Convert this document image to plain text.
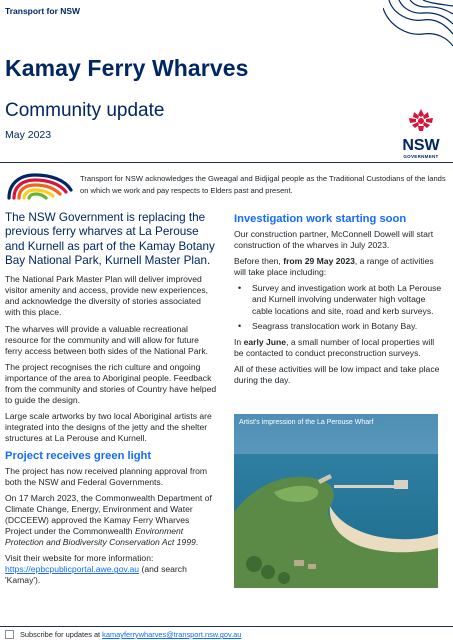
Transport for NSW
Kamay Ferry Wharves
Community update
May 2023
NSW
GOVERNMENT

Transport for NSW acknowledges the Gweagal and Bidjigal people as the Traditional Custodians of the lands on which we work and pay respects to Elders past and present.

The NSW Government is replacing the previous ferry wharves at La Perouse and Kurnell as part of the Kamay Botany Bay National Park, Kurnell Master Plan.

The National Park Master Plan will deliver improved visitor amenity and access, provide new experiences, and acknowledge the diversity of stories associated with this place.

The wharves will provide a valuable recreational resource for the community and will allow for future ferry access between both sides of the National Park.

The project recognises the rich culture and ongoing importance of the area to Aboriginal people. Feedback from the community and stories of Country have helped to guide the design.

Large scale artworks by two local Aboriginal artists are integrated into the designs of the jetty and the shelter structures at La Perouse and Kurnell.

Project receives green light

The project has now received planning approval from both the NSW and Federal Governments.

On 17 March 2023, the Commonwealth Department of Climate Change, Energy, Environment and Water (DCCEEW) approved the Kamay Ferry Wharves Project under the Commonwealth Environment Protection and Biodiversity Conservation Act 1999.

Visit their website for more information: https://epbcpublicportal.awe.gov.au (and search 'Kamay').

Investigation work starting soon

Our construction partner, McConnell Dowell will start construction of the wharves in July 2023.

Before then, from 29 May 2023, a range of activities will take place including:

• Survey and investigation work at both La Perouse and Kurnell involving underwater high voltage cable locations and site, road and kerb surveys.
• Seagrass translocation work in Botany Bay.

In early June, a small number of local properties will be contacted to conduct preconstruction surveys.

All of these activities will be low impact and take place during the day.

Artist's impression of the La Perouse Wharf
Subscribe for updates at kamayferrywharves@transport.nsw.gov.au
